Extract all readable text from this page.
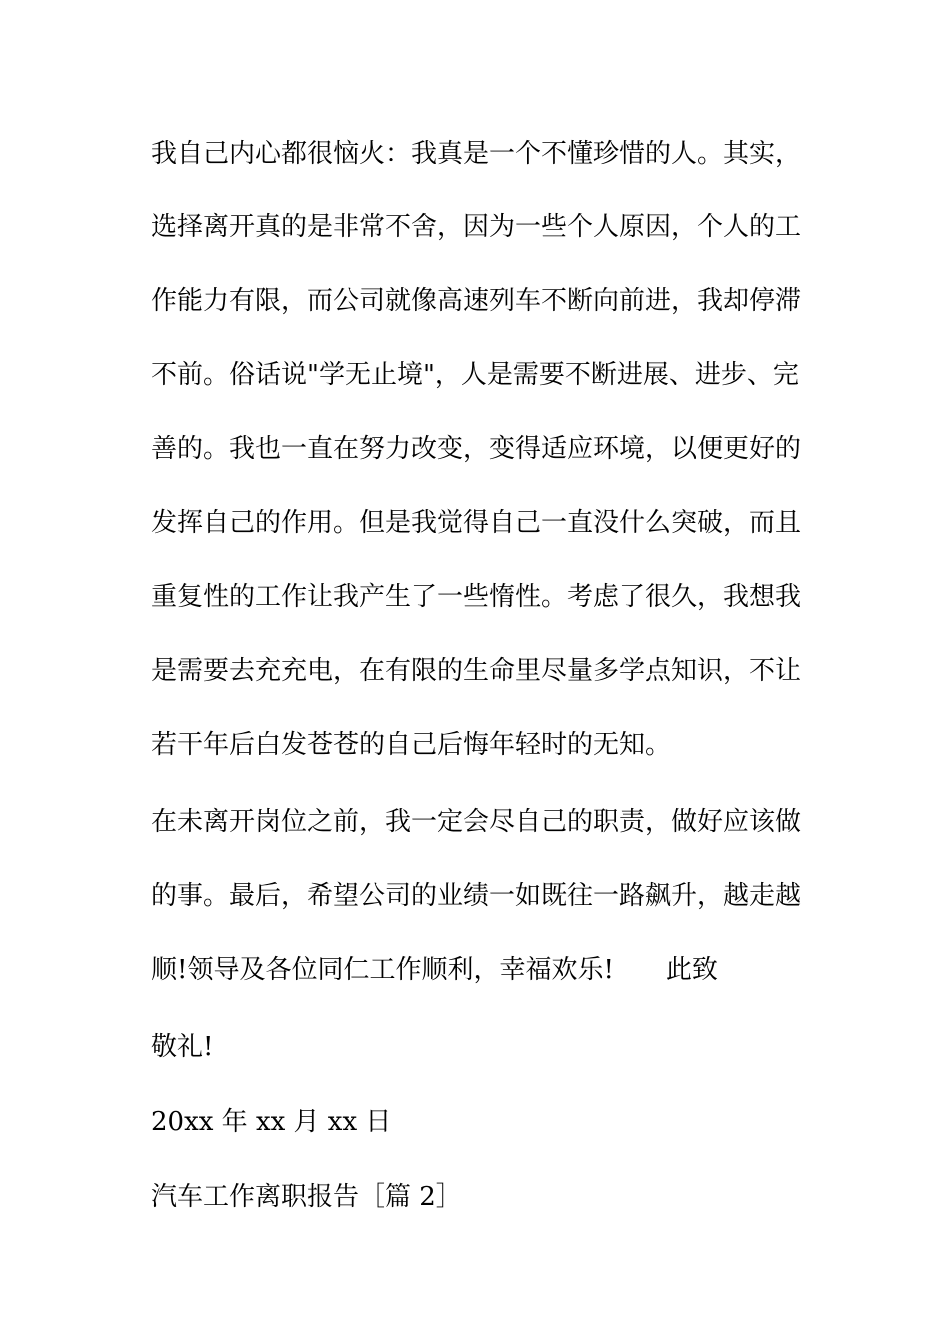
我自己内心都很恼火：我真是一个不懂珍惜的人。其实，
选择离开真的是非常不舍，因为一些个人原因，个人的工
作能力有限，而公司就像高速列车不断向前进，我却停滞
不前。俗话说"学无止境"，人是需要不断进展、进步、完
善的。我也一直在努力改变，变得适应环境，以便更好的
发挥自己的作用。但是我觉得自己一直没什么突破，而且
重复性的工作让我产生了一些惰性。考虑了很久，我想我
是需要去充充电，在有限的生命里尽量多学点知识，不让
若干年后白发苍苍的自己后悔年轻时的无知。
在未离开岗位之前，我一定会尽自己的职责，做好应该做
的事。最后，希望公司的业绩一如既往一路飙升，越走越
顺!领导及各位同仁工作顺利，幸福欢乐!　　此致
敬礼!
20xx 年 xx 月 xx 日
汽车工作离职报告［篇 2］
